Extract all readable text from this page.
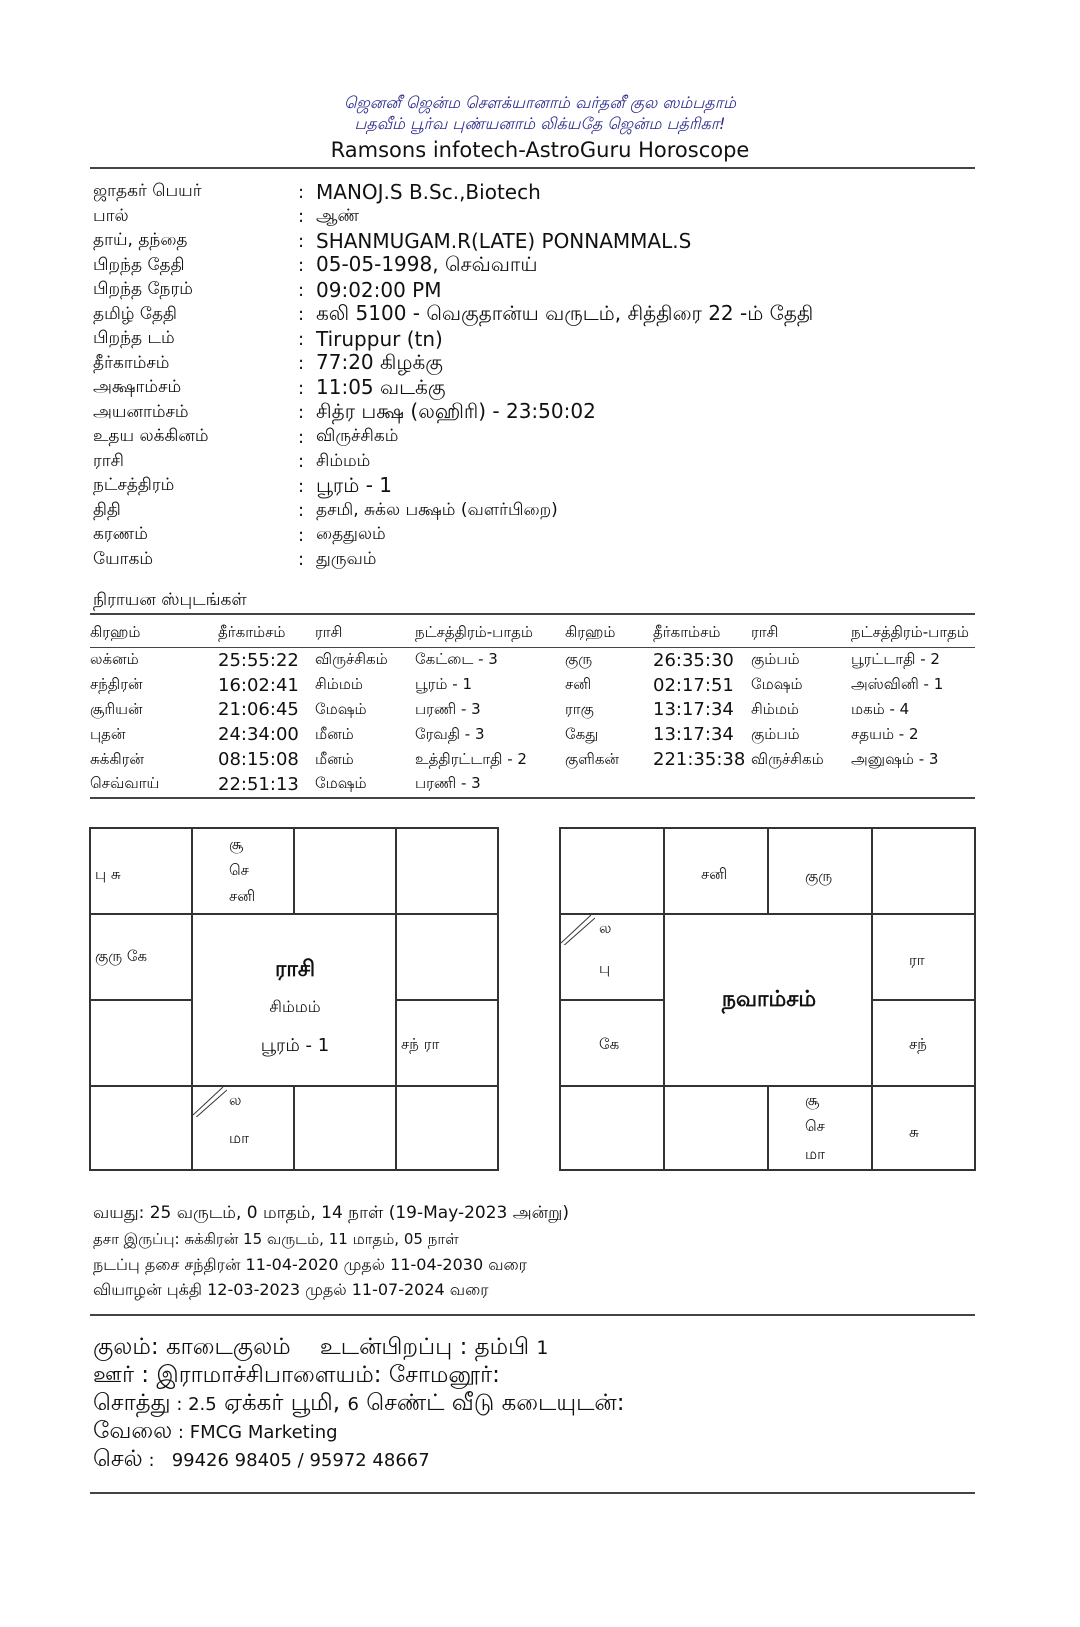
ஜெனனீ ஜென்ம சௌக்யானாம் வர்தனீ குல ஸம்பதாம்
பதவீம் பூர்வ புண்யனாம் லிக்யதே ஜென்ம பத்ரிகா!
Ramsons infotech-AstroGuru Horoscope
ஜாதகர் பெயர்	: MANOJ.S B.Sc.,Biotech
பால்	: ஆண்
தாய், தந்தை	: SHANMUGAM.R(LATE) PONNAMMAL.S
பிறந்த தேதி	: 05-05-1998, செவ்வாய்
பிறந்த நேரம்	: 09:02:00 PM
தமிழ் தேதி	: கலி 5100 - வெகுதான்ய வருடம், சித்திரை 22 -ம் தேதி
பிறந்த டம்	: Tiruppur (tn)
தீர்காம்சம்	: 77:20 கிழக்கு
அக்ஷாம்சம்	: 11:05 வடக்கு
அயனாம்சம்	: சித்ர பக்ஷ (லஹிரி) - 23:50:02
உதய லக்கினம்	: விருச்சிகம்
ராசி	: சிம்மம்
நட்சத்திரம்	: பூரம் - 1
திதி	: தசமி, சுக்ல பக்ஷம் (வளர்பிறை)
கரணம்	: தைதுலம்
யோகம்	: துருவம்
நிராயன ஸ்புடங்கள்
கிரஹம்	தீர்காம்சம்	ராசி	நட்சத்திரம்-பாதம்	கிரஹம்	தீர்காம்சம்	ராசி	நட்சத்திரம்-பாதம்
லக்னம்	25:55:22	விருச்சிகம்	கேட்டை - 3	குரு	26:35:30	கும்பம்	பூரட்டாதி - 2
சந்திரன்	16:02:41	சிம்மம்	பூரம் - 1	சனி	02:17:51	மேஷம்	அஸ்வினி - 1
சூரியன்	21:06:45	மேஷம்	பரணி - 3	ராகு	13:17:34	சிம்மம்	மகம் - 4
புதன்	24:34:00	மீனம்	ரேவதி - 3	கேது	13:17:34	கும்பம்	சதயம் - 2
சுக்கிரன்	08:15:08	மீனம்	உத்திரட்டாதி - 2	குளிகன்	221:35:38	விருச்சிகம்	அனுஷம் - 3
செவ்வாய்	22:51:13	மேஷம்	பரணி - 3				
பு சு
சூ
செ
சனி
குரு கே
ராசி
சிம்மம்
பூரம் - 1	சந் ரா
ல
மா
சனி	குரு
ல
பு
கே
நவாம்சம்
ரா
சந்
சூ
செ
மா
சு
வயது: 25 வருடம், 0 மாதம், 14 நாள் (19-May-2023 அன்று)
தசா இருப்பு: சுக்கிரன் 15 வருடம், 11 மாதம், 05 நாள்
நடப்பு தசை சந்திரன் 11-04-2020 முதல் 11-04-2030 வரை
வியாழன் புக்தி 12-03-2023 முதல் 11-07-2024 வரை
குலம்: காடைகுலம் உடன்பிறப்பு : தம்பி 1
ஊர் : இராமாச்சிபாளையம்: சோமனூர்:
சொத்து : 2.5 ஏக்கர் பூமி, 6 செண்ட் வீடு கடையுடன்:
வேலை : FMCG Marketing
செல் :   99426 98405 / 95972 48667
